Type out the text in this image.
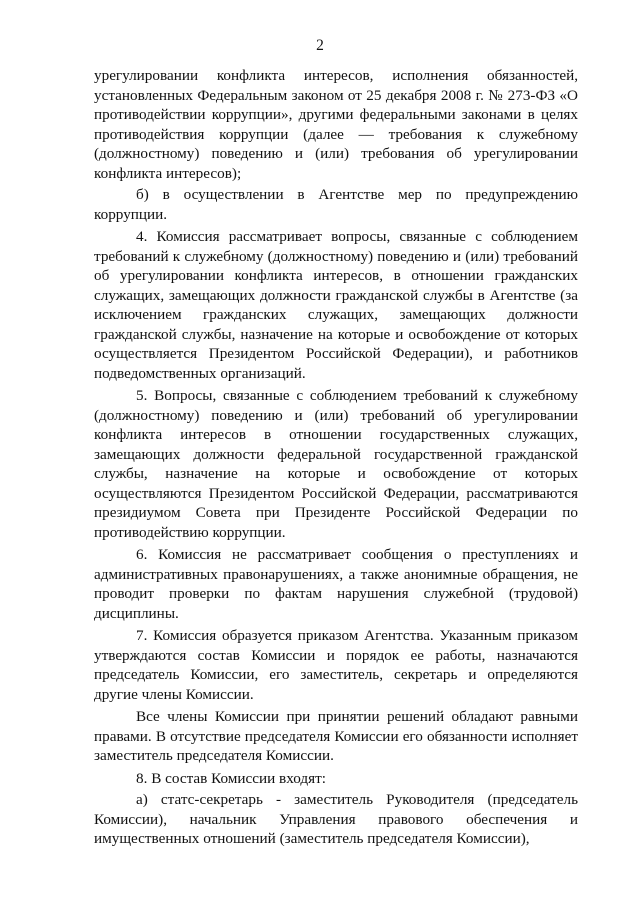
2

урегулировании конфликта интересов, исполнения обязанностей, установленных Федеральным законом от 25 декабря 2008 г. № 273-ФЗ «О противодействии коррупции», другими федеральными законами в целях противодействия коррупции (далее — требования к служебному (должностному) поведению и (или) требования об урегулировании конфликта интересов);

б) в осуществлении в Агентстве мер по предупреждению коррупции.

4. Комиссия рассматривает вопросы, связанные с соблюдением требований к служебному (должностному) поведению и (или) требований об урегулировании конфликта интересов, в отношении гражданских служащих, замещающих должности гражданской службы в Агентстве (за исключением гражданских служащих, замещающих должности гражданской службы, назначение на которые и освобождение от которых осуществляется Президентом Российской Федерации), и работников подведомственных организаций.

5. Вопросы, связанные с соблюдением требований к служебному (должностному) поведению и (или) требований об урегулировании конфликта интересов в отношении государственных служащих, замещающих должности федеральной государственной гражданской службы, назначение на которые и освобождение от которых осуществляются Президентом Российской Федерации, рассматриваются президиумом Совета при Президенте Российской Федерации по противодействию коррупции.

6. Комиссия не рассматривает сообщения о преступлениях и административных правонарушениях, а также анонимные обращения, не проводит проверки по фактам нарушения служебной (трудовой) дисциплины.

7. Комиссия образуется приказом Агентства. Указанным приказом утверждаются состав Комиссии и порядок ее работы, назначаются председатель Комиссии, его заместитель, секретарь и определяются другие члены Комиссии.

Все члены Комиссии при принятии решений обладают равными правами. В отсутствие председателя Комиссии его обязанности исполняет заместитель председателя Комиссии.

8. В состав Комиссии входят:

а) статс-секретарь - заместитель Руководителя (председатель Комиссии), начальник Управления правового обеспечения и имущественных отношений (заместитель председателя Комиссии),
